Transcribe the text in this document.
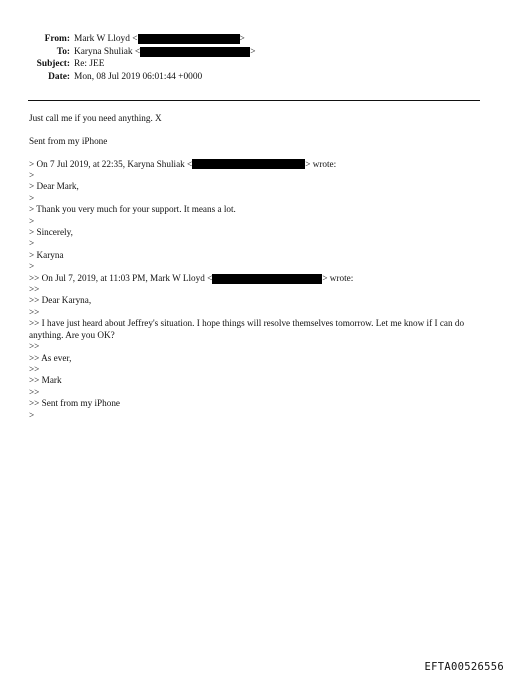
From: Mark W Lloyd <	>
To: Karyna Shuliak <	>
Subject: Re: JEE
Date: Mon, 08 Jul 2019 06:01:44 +0000
Just call me if you need anything. X
Sent from my iPhone
> On 7 Jul 2019, at 22:35, Karyna Shuliak <	> wrote:
>
> Dear Mark,
>
> Thank you very much for your support. It means a lot.
>
> Sincerely,
>
> Karyna
>
>> On Jul 7, 2019, at 11:03 PM, Mark W Lloyd <	> wrote:
>>
>> Dear Karyna,
>>
>> I have just heard about Jeffrey's situation. I hope things will resolve themselves tomorrow. Let me know if I can do anything. Are you OK?
>>
>> As ever,
>>
>> Mark
>>
>> Sent from my iPhone
>
EFTA00526556
